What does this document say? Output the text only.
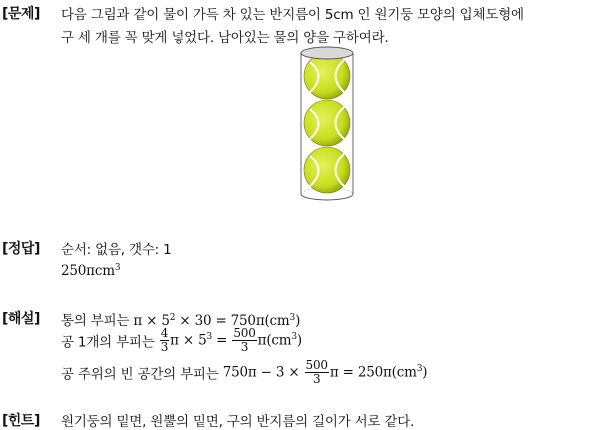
[문제] 다음 그림과 같이 물이 가득 차 있는 반지름이 5cm 인 원기둥 모양의 입체도형에
구 세 개를 꼭 맞게 넣었다. 남아있는 물의 양을 구하여라.
[정답] 순서: 없음, 갯수: 1
250πcm$^3$
[해설] 통의 부피는 $\pi \times 5^2 \times 30 = 750\pi(cm^3)$
공 1개의 부피는 $\frac{4}{3}$ $\pi \times 5^3 = \frac{500}{3} \pi(cm^3)$
공 주위의 빈 공간의 부피는 $750\pi - 3 \times \frac{500}{3}$ $\pi = 250\pi(cm^3)$
[힌트] 원기둥의 밑면, 원뿔의 밑면, 구의 반지름의 길이가 서로 같다.
